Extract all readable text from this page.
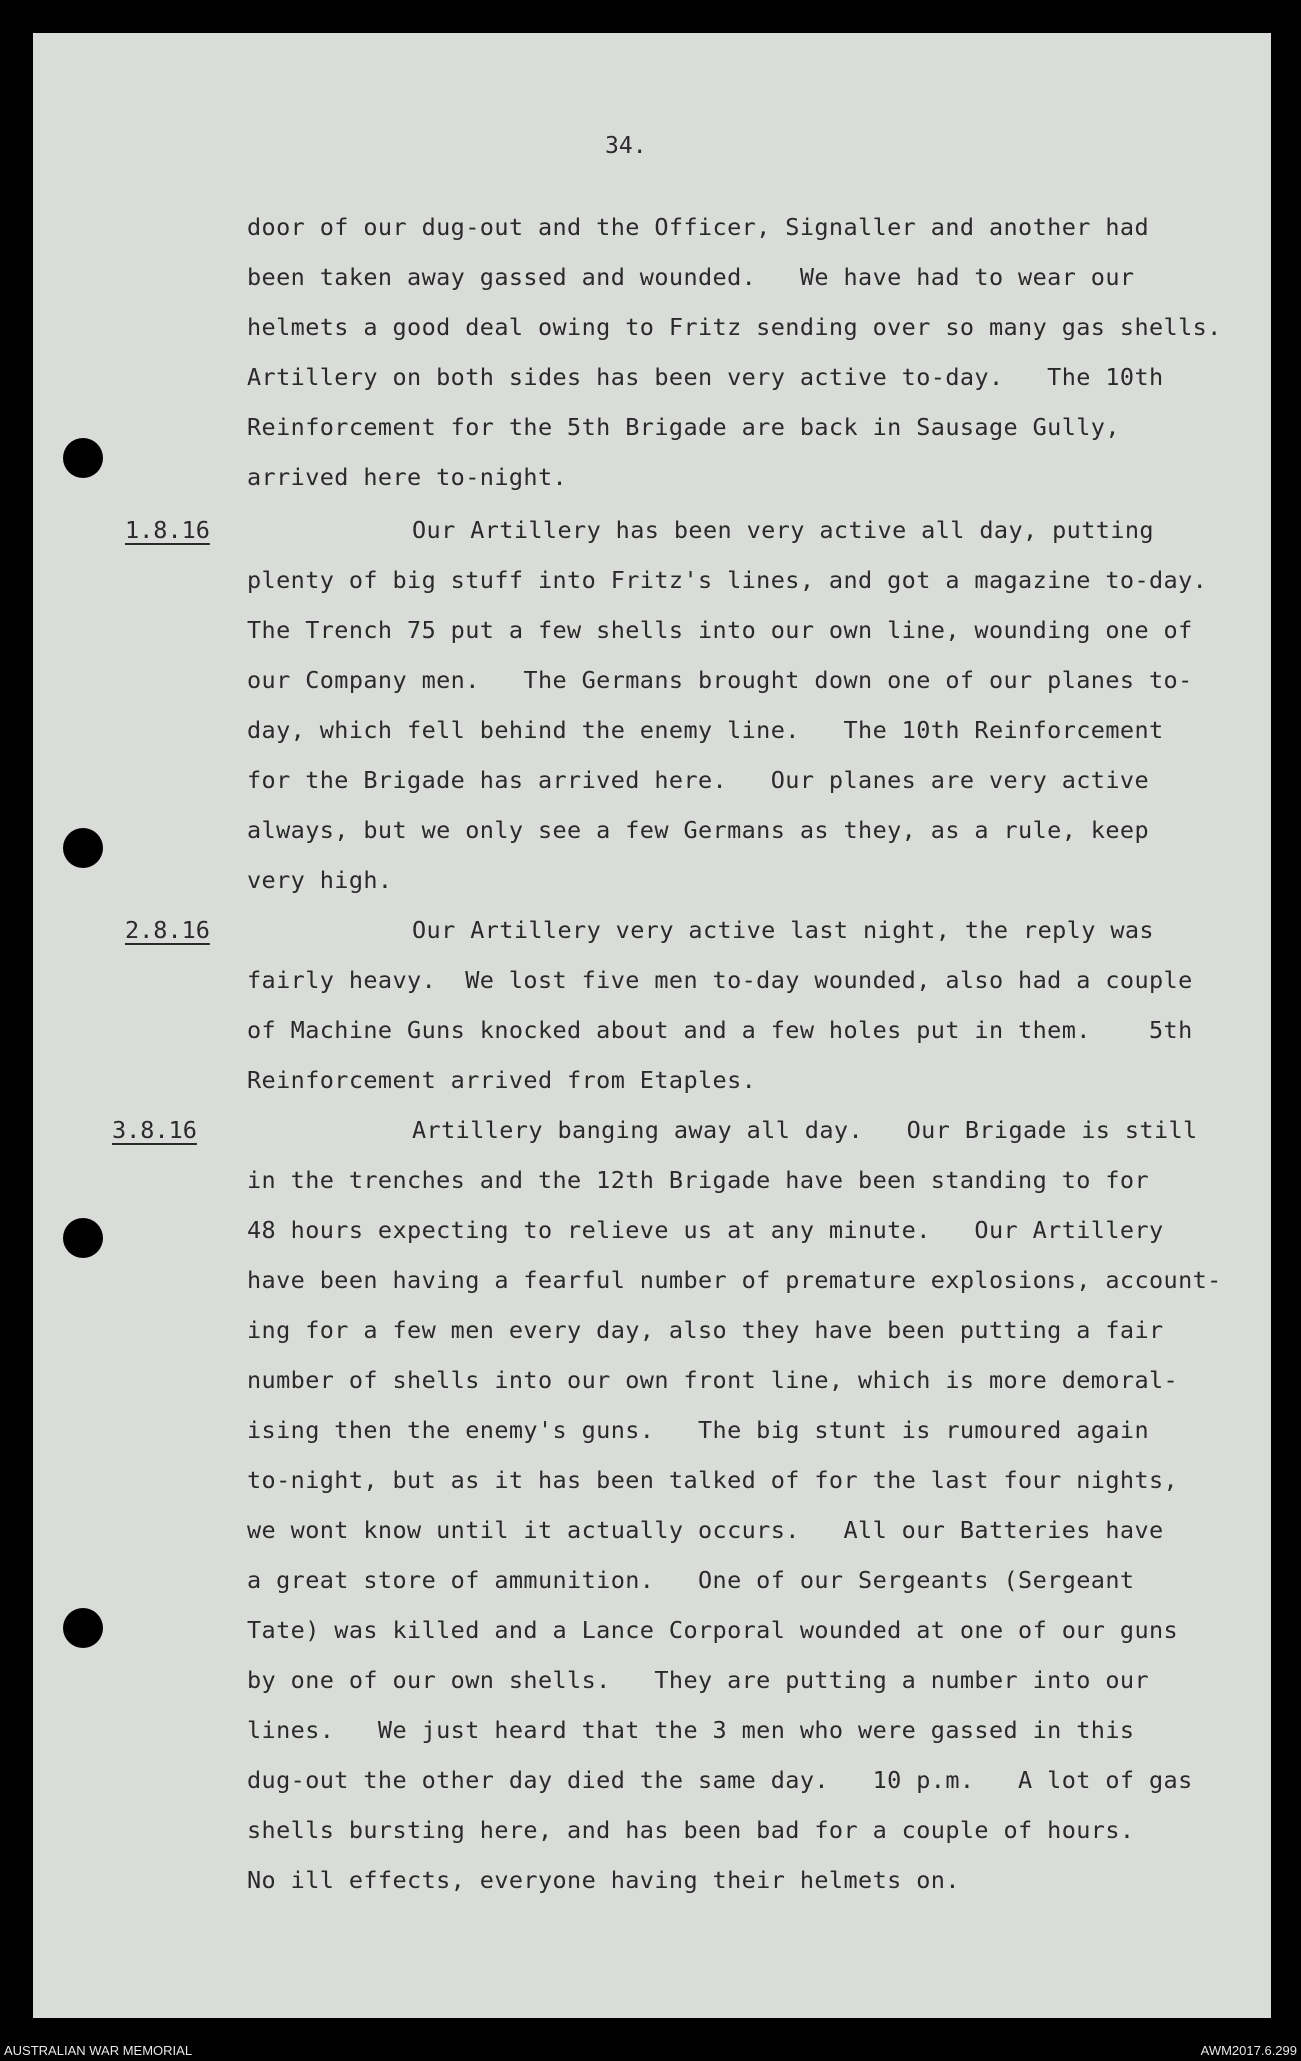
34.
1.8.16
2.8.16
3.8.16
door of our dug-out and the Officer, Signaller and another had
been taken away gassed and wounded.   We have had to wear our
helmets a good deal owing to Fritz sending over so many gas shells.
Artillery on both sides has been very active to-day.   The 10th
Reinforcement for the 5th Brigade are back in Sausage Gully,
arrived here to-night.
Our Artillery has been very active all day, putting
plenty of big stuff into Fritz's lines, and got a magazine to-day.
The Trench 75 put a few shells into our own line, wounding one of
our Company men.   The Germans brought down one of our planes to-
day, which fell behind the enemy line.   The 10th Reinforcement
for the Brigade has arrived here.   Our planes are very active
always, but we only see a few Germans as they, as a rule, keep
very high.
Our Artillery very active last night, the reply was
fairly heavy.  We lost five men to-day wounded, also had a couple
of Machine Guns knocked about and a few holes put in them.    5th
Reinforcement arrived from Etaples.
Artillery banging away all day.   Our Brigade is still
in the trenches and the 12th Brigade have been standing to for
48 hours expecting to relieve us at any minute.   Our Artillery
have been having a fearful number of premature explosions, account-
ing for a few men every day, also they have been putting a fair
number of shells into our own front line, which is more demoral-
ising then the enemy's guns.   The big stunt is rumoured again
to-night, but as it has been talked of for the last four nights,
we wont know until it actually occurs.   All our Batteries have
a great store of ammunition.   One of our Sergeants (Sergeant
Tate) was killed and a Lance Corporal wounded at one of our guns
by one of our own shells.   They are putting a number into our
lines.   We just heard that the 3 men who were gassed in this
dug-out the other day died the same day.   10 p.m.   A lot of gas
shells bursting here, and has been bad for a couple of hours.
No ill effects, everyone having their helmets on.
AUSTRALIAN WAR MEMORIAL	AWM2017.6.299
